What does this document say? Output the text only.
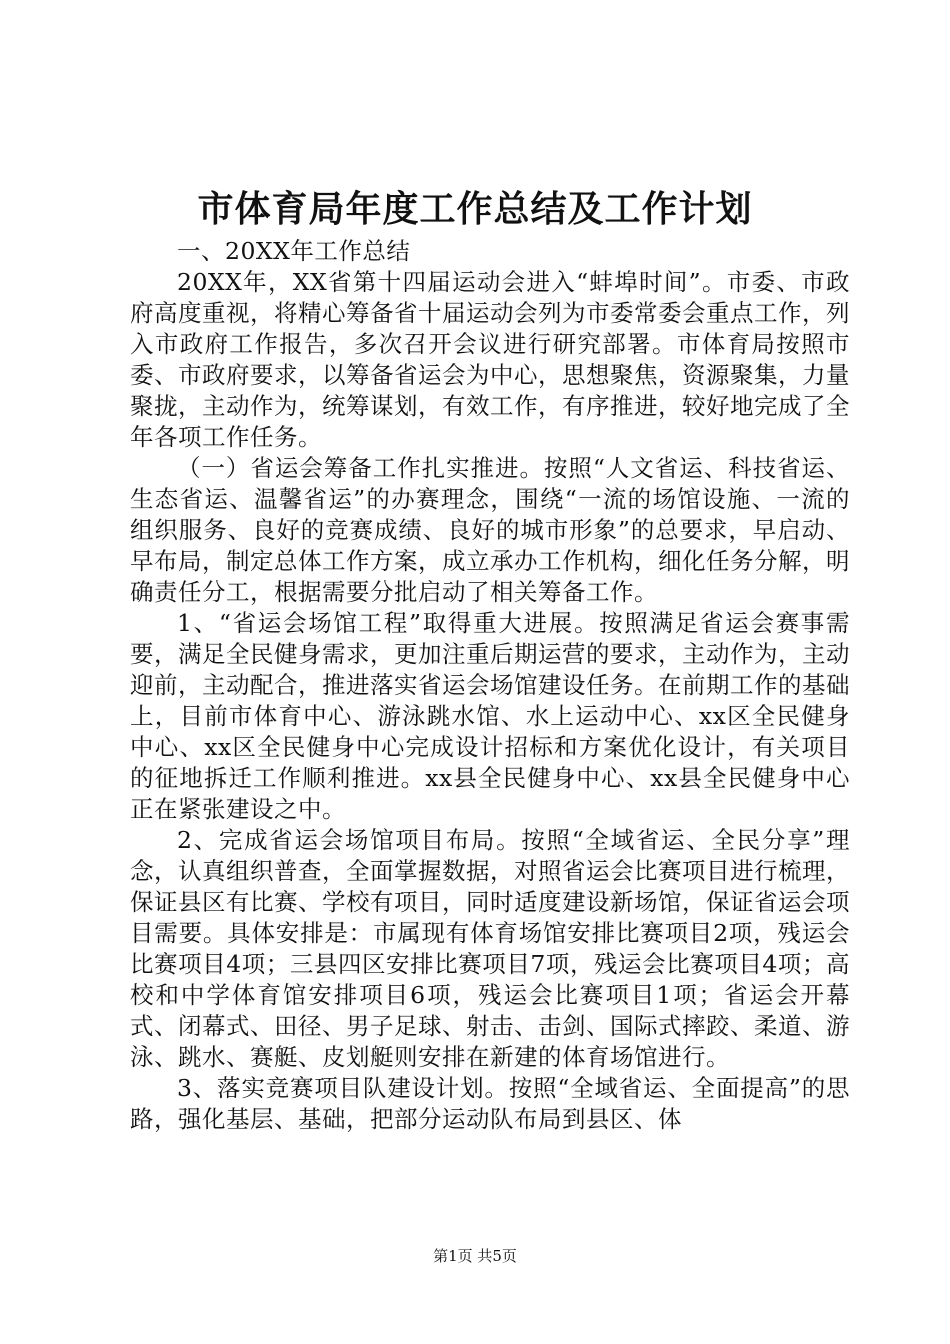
市体育局年度工作总结及工作计划

一、20XX年工作总结

20XX年，XX省第十四届运动会进入“蚌埠时间”。市委、市政府高度重视，将精心筹备省十届运动会列为市委常委会重点工作，列入市政府工作报告，多次召开会议进行研究部署。市体育局按照市委、市政府要求，以筹备省运会为中心，思想聚焦，资源聚集，力量聚拢，主动作为，统筹谋划，有效工作，有序推进，较好地完成了全年各项工作任务。

（一）省运会筹备工作扎实推进。按照“人文省运、科技省运、生态省运、温馨省运”的办赛理念，围绕“一流的场馆设施、一流的组织服务、良好的竞赛成绩、良好的城市形象”的总要求，早启动、早布局，制定总体工作方案，成立承办工作机构，细化任务分解，明确责任分工，根据需要分批启动了相关筹备工作。

1、“省运会场馆工程”取得重大进展。按照满足省运会赛事需要，满足全民健身需求，更加注重后期运营的要求，主动作为，主动迎前，主动配合，推进落实省运会场馆建设任务。在前期工作的基础上，目前市体育中心、游泳跳水馆、水上运动中心、xx区全民健身中心、xx区全民健身中心完成设计招标和方案优化设计，有关项目的征地拆迁工作顺利推进。xx县全民健身中心、xx县全民健身中心正在紧张建设之中。

2、完成省运会场馆项目布局。按照“全域省运、全民分享”理念，认真组织普查，全面掌握数据，对照省运会比赛项目进行梳理，保证县区有比赛、学校有项目，同时适度建设新场馆，保证省运会项目需要。具体安排是：市属现有体育场馆安排比赛项目2项，残运会比赛项目4项；三县四区安排比赛项目7项，残运会比赛项目4项；高校和中学体育馆安排项目6项，残运会比赛项目1项；省运会开幕式、闭幕式、田径、男子足球、射击、击剑、国际式摔跤、柔道、游泳、跳水、赛艇、皮划艇则安排在新建的体育场馆进行。

3、落实竞赛项目队建设计划。按照“全域省运、全面提高”的思路，强化基层、基础，把部分运动队布局到县区、体

第1页 共5页
